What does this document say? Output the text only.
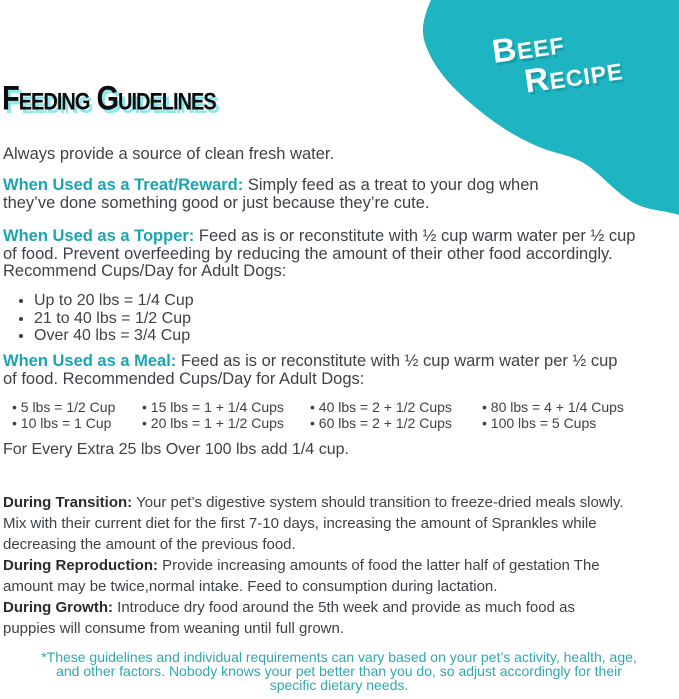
Beef
Recipe
Feeding Guidelines

Always provide a source of clean fresh water.

When Used as a Treat/Reward: Simply feed as a treat to your dog when they’ve done something good or just because they’re cute.

When Used as a Topper: Feed as is or reconstitute with ½ cup warm water per ½ cup of food. Prevent overfeeding by reducing the amount of their other food accordingly. Recommend Cups/Day for Adult Dogs:

• Up to 20 lbs = 1/4 Cup
• 21 to 40 lbs = 1/2 Cup
• Over 40 lbs = 3/4 Cup

When Used as a Meal: Feed as is or reconstitute with ½ cup warm water per ½ cup of food. Recommended Cups/Day for Adult Dogs:

• 5 lbs = 1/2 Cup
• 10 lbs = 1 Cup
• 15 lbs = 1 + 1/4 Cups
• 20 lbs = 1 + 1/2 Cups
• 40 lbs = 2 + 1/2 Cups
• 60 lbs = 2 + 1/2 Cups
• 80 lbs = 4 + 1/4 Cups
• 100 lbs = 5 Cups

For Every Extra 25 lbs Over 100 lbs add 1/4 cup.

During Transition: Your pet’s digestive system should transition to freeze-dried meals slowly. Mix with their current diet for the first 7-10 days, increasing the amount of Sprankles while decreasing the amount of the previous food.

During Reproduction: Provide increasing amounts of food the latter half of gestation The amount may be twice,normal intake. Feed to consumption during lactation.

During Growth: Introduce dry food around the 5th week and provide as much food as puppies will consume from weaning until full grown.

*These guidelines and individual requirements can vary based on your pet’s activity, health, age, and other factors. Nobody knows your pet better than you do, so adjust accordingly for their specific dietary needs.
